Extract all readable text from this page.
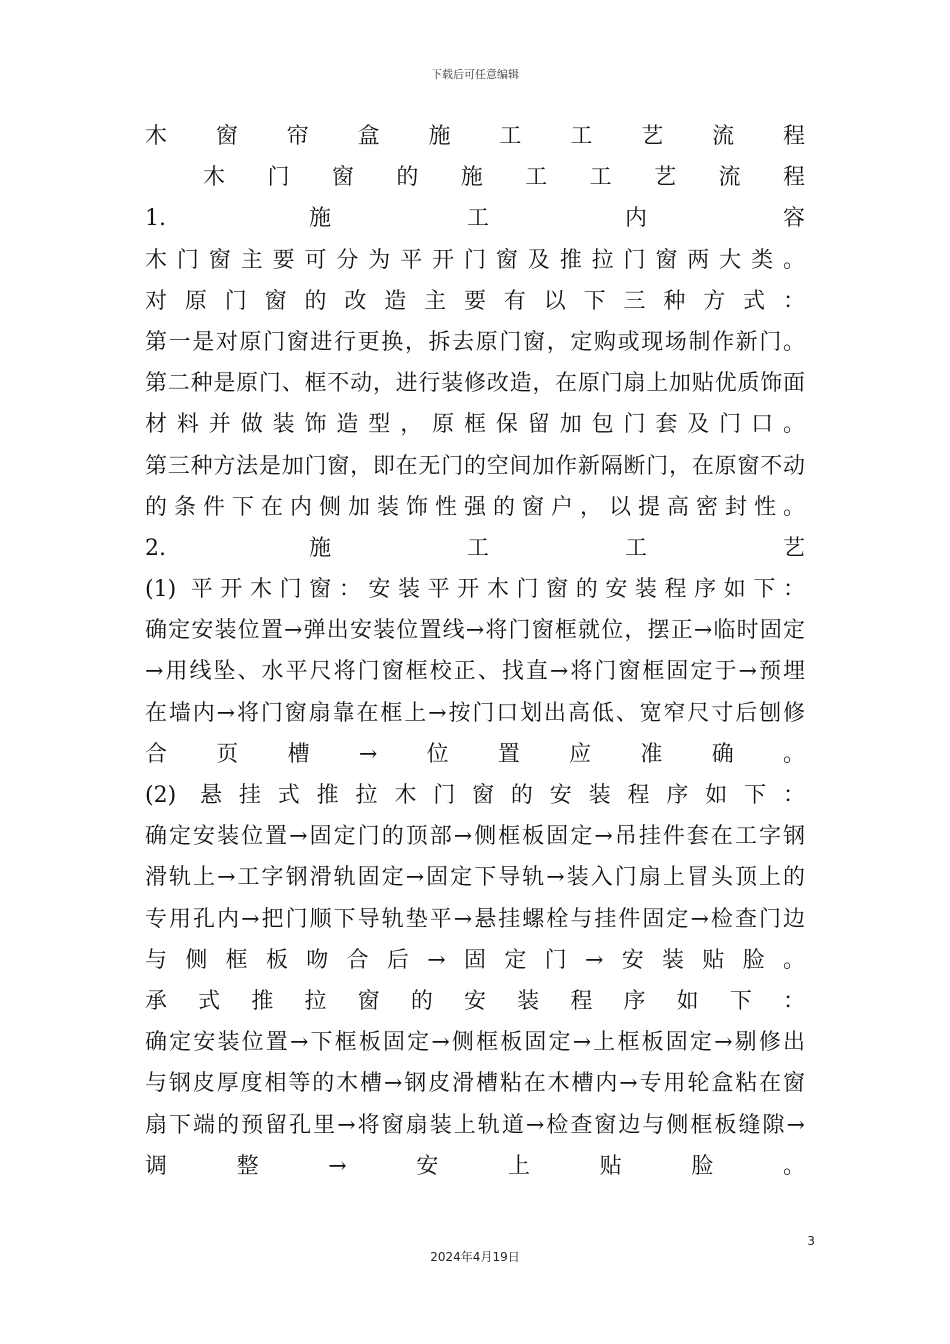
下载后可任意编辑
木窗帘盒施工工艺流程
木门窗的施工工艺流程
1. 施工内容
木门窗主要可分为平开门窗及推拉门窗两大类。
对原门窗的改造主要有以下三种方式：
第一是对原门窗进行更换，拆去原门窗，定购或现场制作新门。
第二种是原门、框不动，进行装修改造，在原门扇上加贴优质饰面
材料并做装饰造型，原框保留加包门套及门口。
第三种方法是加门窗，即在无门的空间加作新隔断门，在原窗不动
的条件下在内侧加装饰性强的窗户，以提高密封性。
2. 施工工艺
(1) 平开木门窗：安装平开木门窗的安装程序如下：
确定安装位置→弹出安装位置线→将门窗框就位，摆正→临时固定
→用线坠、水平尺将门窗框校正、找直→将门窗框固定于→预埋
在墙内→将门窗扇靠在框上→按门口划出高低、宽窄尺寸后刨修
合页槽→位置应准确。
(2) 悬挂式推拉木门窗的安装程序如下：
确定安装位置→固定门的顶部→侧框板固定→吊挂件套在工字钢
滑轨上→工字钢滑轨固定→固定下导轨→装入门扇上冒头顶上的
专用孔内→把门顺下导轨垫平→悬挂螺栓与挂件固定→检查门边
与侧框板吻合后→固定门→安装贴脸。
承式推拉窗的安装程序如下：
确定安装位置→下框板固定→侧框板固定→上框板固定→剔修出
与钢皮厚度相等的木槽→钢皮滑槽粘在木槽内→专用轮盒粘在窗
扇下端的预留孔里→将窗扇装上轨道→检查窗边与侧框板缝隙→
调整→安上贴脸。
3
2024年4月19日
